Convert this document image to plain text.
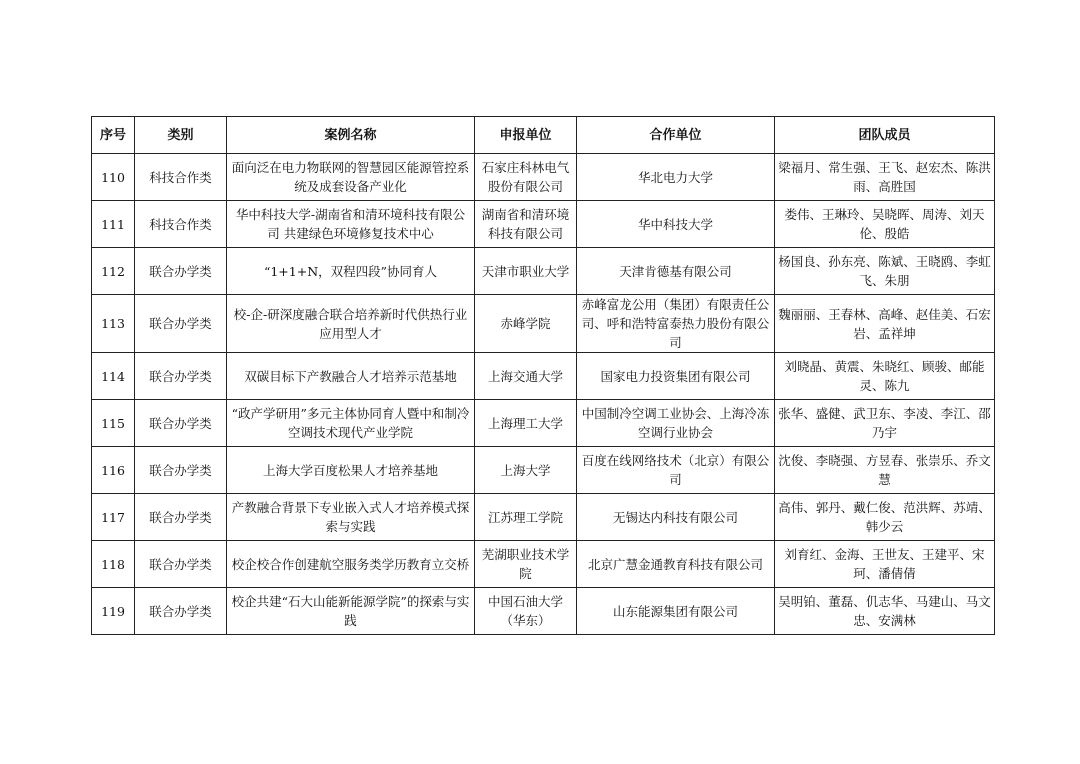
序号	类别	案例名称	申报单位	合作单位	团队成员
110	科技合作类	面向泛在电力物联网的智慧园区能源管控系统及成套设备产业化	石家庄科林电气股份有限公司	华北电力大学	梁福月、常生强、王飞、赵宏杰、陈洪雨、高胜国
111	科技合作类	华中科技大学-湖南省和清环境科技有限公司 共建绿色环境修复技术中心	湖南省和清环境科技有限公司	华中科技大学	娄伟、王琳玲、吴晓晖、周涛、刘天伦、殷皓
112	联合办学类	“1+1+N，双程四段”协同育人	天津市职业大学	天津肯德基有限公司	杨国良、孙东亮、陈斌、王晓鸥、李虹飞、朱朋
113	联合办学类	校-企-研深度融合联合培养新时代供热行业应用型人才	赤峰学院	赤峰富龙公用（集团）有限责任公司、呼和浩特富泰热力股份有限公司	魏丽丽、王春林、高峰、赵佳美、石宏岩、孟祥坤
114	联合办学类	双碳目标下产教融合人才培养示范基地	上海交通大学	国家电力投资集团有限公司	刘晓晶、黄震、朱晓红、顾骏、邮能灵、陈九
115	联合办学类	“政产学研用”多元主体协同育人暨中和制冷空调技术现代产业学院	上海理工大学	中国制冷空调工业协会、上海冷冻空调行业协会	张华、盛健、武卫东、李凌、李江、邵乃宇
116	联合办学类	上海大学百度松果人才培养基地	上海大学	百度在线网络技术（北京）有限公司	沈俊、李晓强、方昱春、张崇乐、乔文慧
117	联合办学类	产教融合背景下专业嵌入式人才培养模式探索与实践	江苏理工学院	无锡达内科技有限公司	高伟、郭丹、戴仁俊、范洪辉、苏靖、韩少云
118	联合办学类	校企校合作创建航空服务类学历教育立交桥	芜湖职业技术学院	北京广慧金通教育科技有限公司	刘育红、金海、王世友、王建平、宋珂、潘倩倩
119	联合办学类	校企共建“石大山能新能源学院”的探索与实践	中国石油大学（华东）	山东能源集团有限公司	吴明铂、董磊、仉志华、马建山、马文忠、安满林
